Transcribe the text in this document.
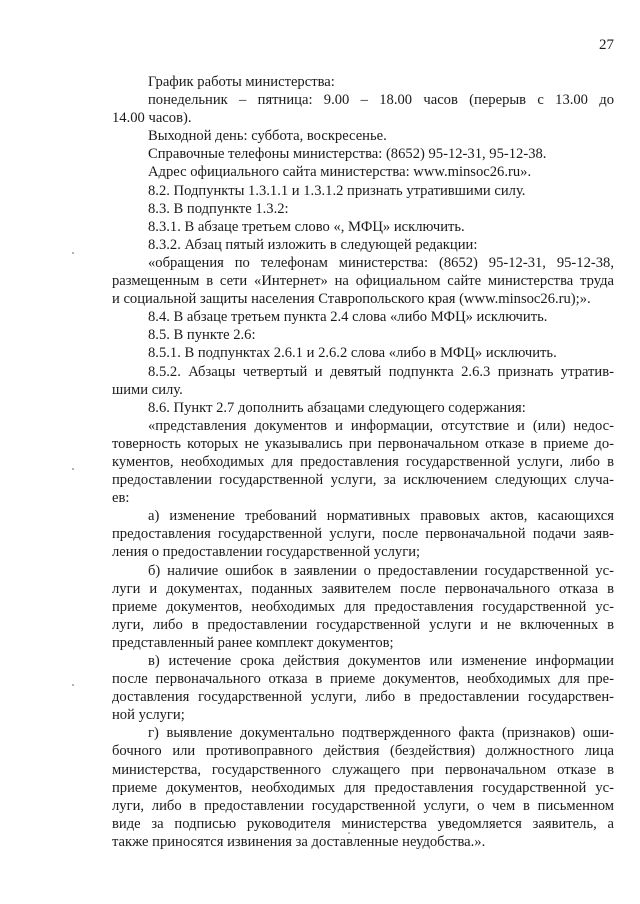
27
График работы министерства:
понедельник – пятница: 9.00 – 18.00 часов (перерыв с 13.00 до
14.00 часов).
Выходной день: суббота, воскресенье.
Справочные телефоны министерства: (8652) 95-12-31, 95-12-38.
Адрес официального сайта министерства: www.minsoc26.ru».
8.2. Подпункты 1.3.1.1 и 1.3.1.2 признать утратившими силу.
8.3. В подпункте 1.3.2:
8.3.1. В абзаце третьем слово «, МФЦ» исключить.
8.3.2. Абзац пятый изложить в следующей редакции:
«обращения по телефонам министерства: (8652) 95-12-31, 95-12-38,
размещенным в сети «Интернет» на официальном сайте министерства труда
и социальной защиты населения Ставропольского края (www.minsoc26.ru);».
8.4. В абзаце третьем пункта 2.4 слова «либо МФЦ» исключить.
8.5. В пункте 2.6:
8.5.1. В подпунктах 2.6.1 и 2.6.2 слова «либо в МФЦ» исключить.
8.5.2. Абзацы четвертый и девятый подпункта 2.6.3 признать утратив-
шими силу.
8.6. Пункт 2.7 дополнить абзацами следующего содержания:
«представления документов и информации, отсутствие и (или) недос-
товерность которых не указывались при первоначальном отказе в приеме до-
кументов, необходимых для предоставления государственной услуги, либо в
предоставлении государственной услуги, за исключением следующих случа-
ев:
а) изменение требований нормативных правовых актов, касающихся
предоставления государственной услуги, после первоначальной подачи заяв-
ления о предоставлении государственной услуги;
б) наличие ошибок в заявлении о предоставлении государственной ус-
луги и документах, поданных заявителем после первоначального отказа в
приеме документов, необходимых для предоставления государственной ус-
луги, либо в предоставлении государственной услуги и не включенных в
представленный ранее комплект документов;
в) истечение срока действия документов или изменение информации
после первоначального отказа в приеме документов, необходимых для пре-
доставления государственной услуги, либо в предоставлении государствен-
ной услуги;
г) выявление документально подтвержденного факта (признаков) оши-
бочного или противоправного действия (бездействия) должностного лица
министерства, государственного служащего при первоначальном отказе в
приеме документов, необходимых для предоставления государственной ус-
луги, либо в предоставлении государственной услуги, о чем в письменном
виде за подписью руководителя министерства уведомляется заявитель, а
также приносятся извинения за доставленные неудобства.».
